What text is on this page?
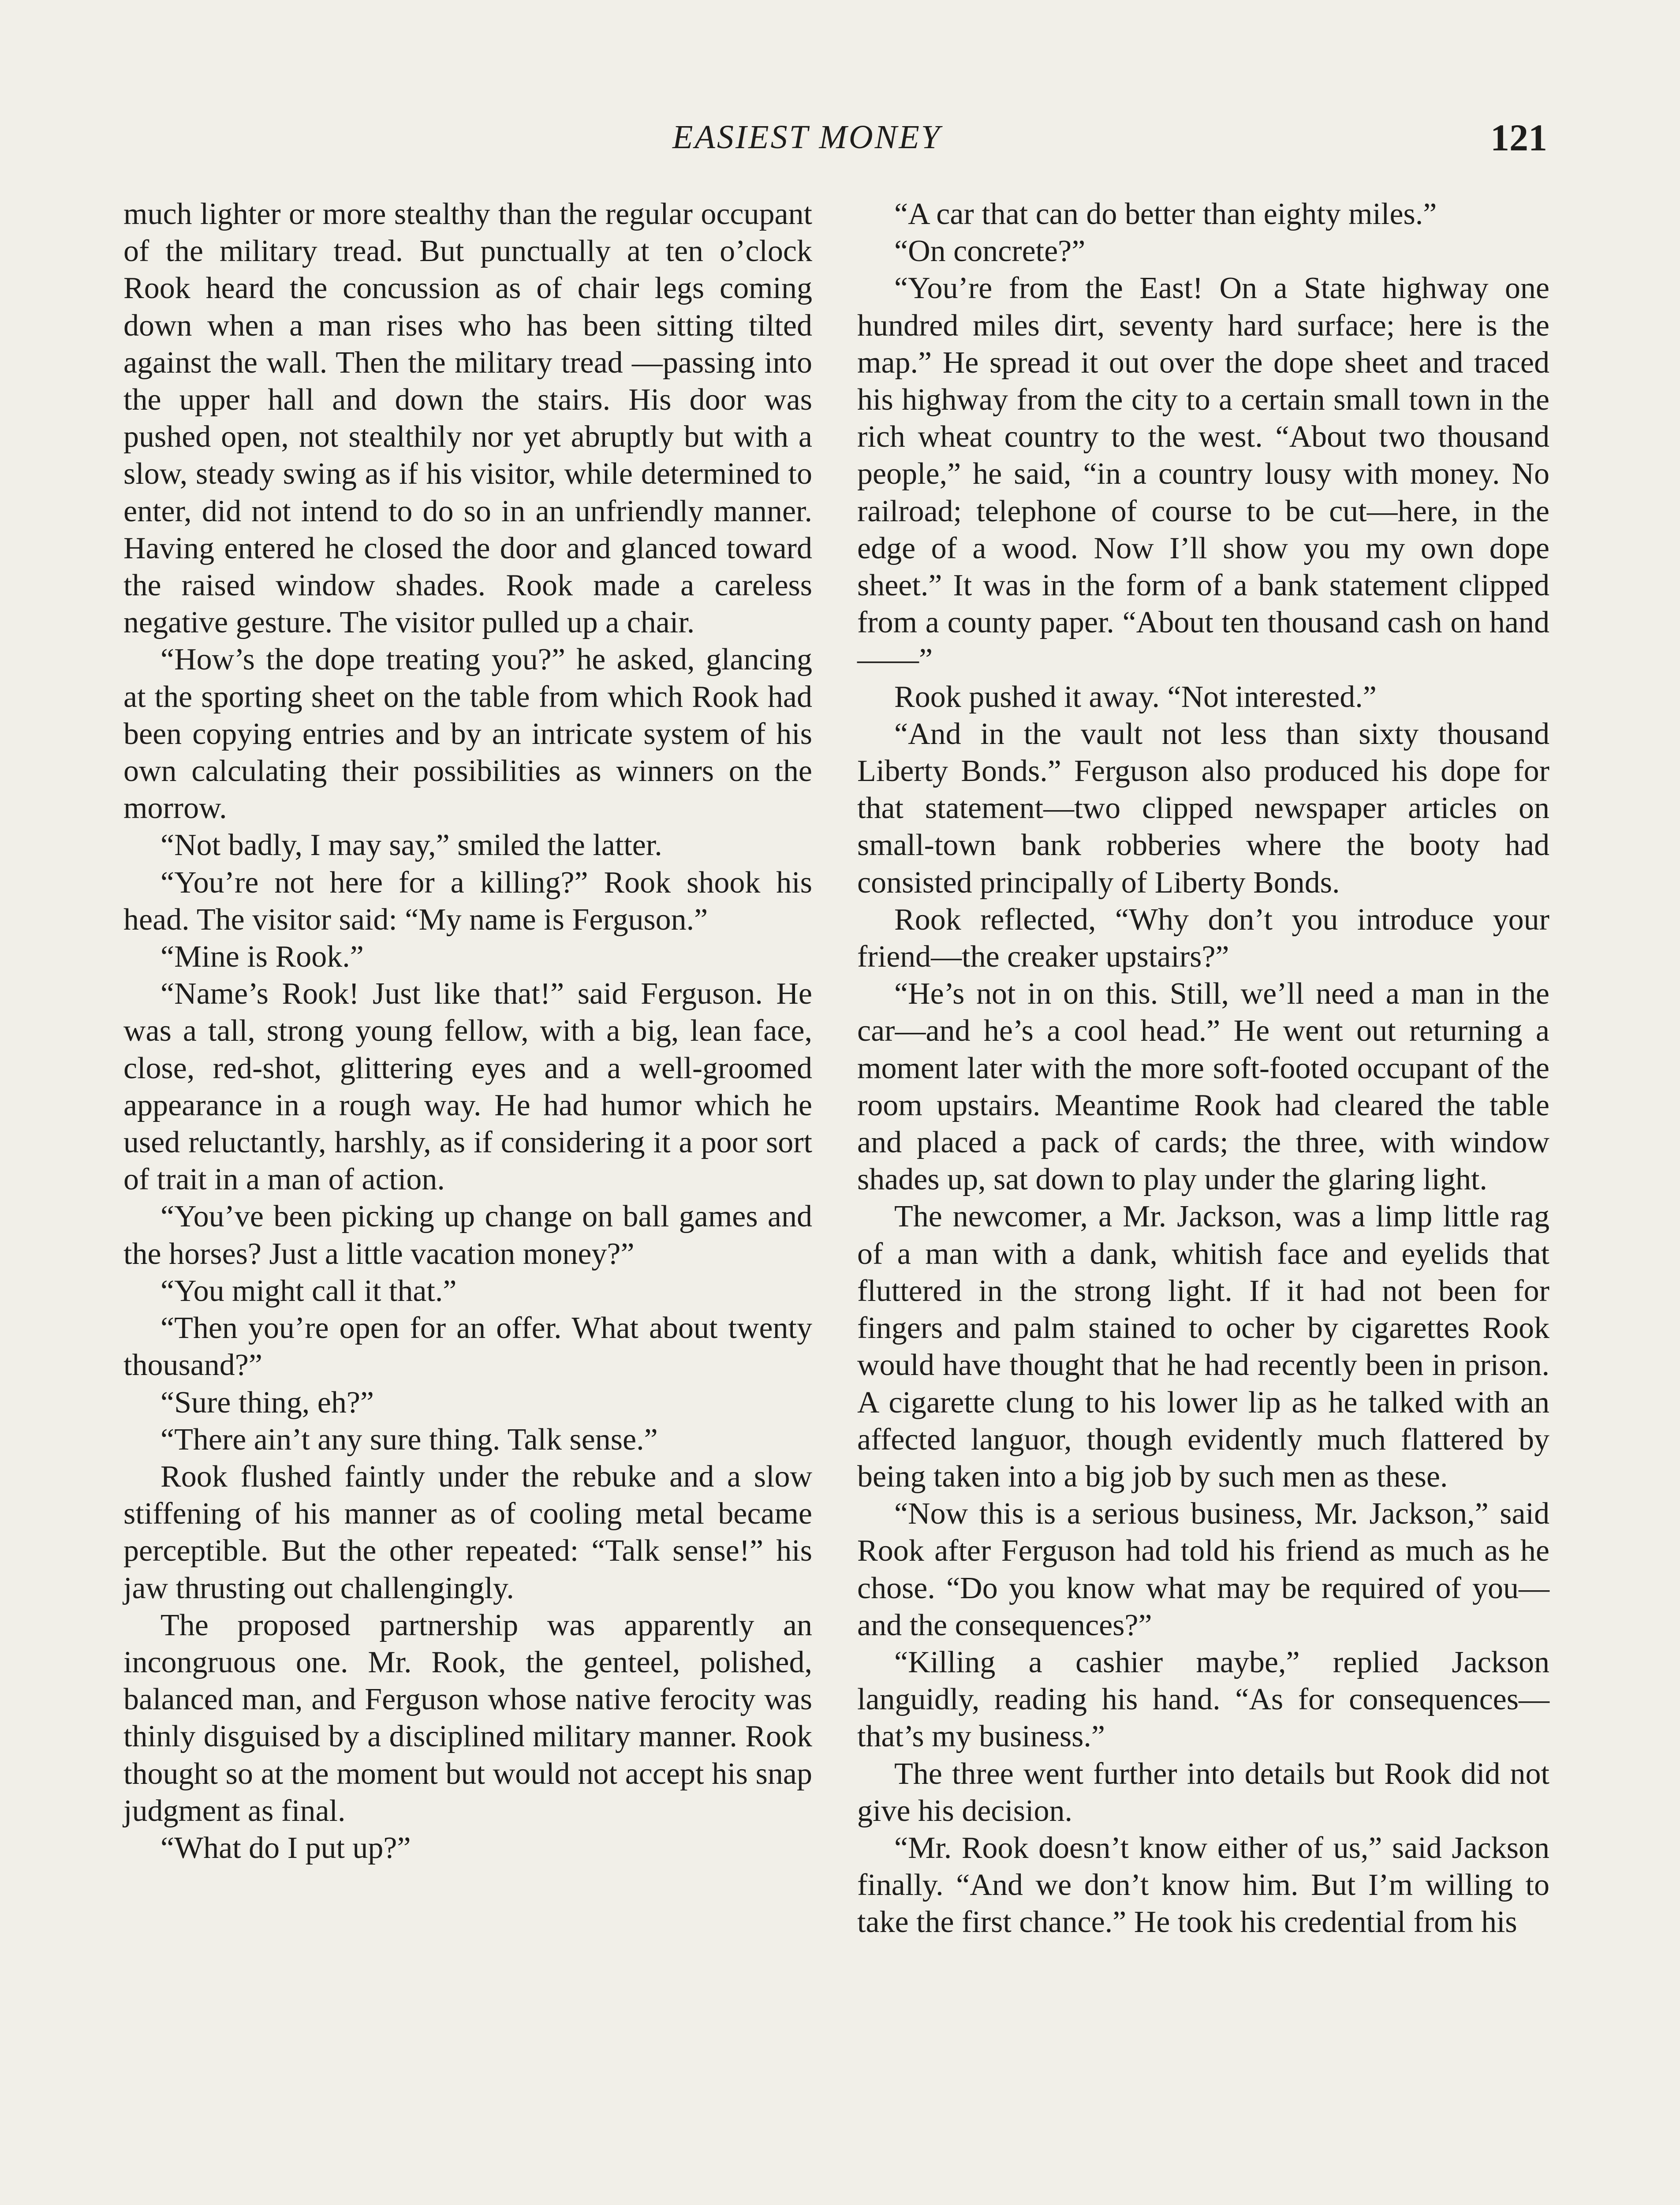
EASIEST MONEY	121

much lighter or more stealthy than the regular occupant of the military tread. But punctually at ten o’clock Rook heard the concussion as of chair legs coming down when a man rises who has been sitting tilted against the wall. Then the military tread —passing into the upper hall and down the stairs. His door was pushed open, not stealthily nor yet abruptly but with a slow, steady swing as if his visitor, while determined to enter, did not intend to do so in an unfriendly manner. Having entered he closed the door and glanced toward the raised window shades. Rook made a careless negative gesture. The visitor pulled up a chair.

“How’s the dope treating you?” he asked, glancing at the sporting sheet on the table from which Rook had been copying entries and by an intricate system of his own calculating their possibilities as winners on the morrow.

“Not badly, I may say,” smiled the latter.

“You’re not here for a killing?” Rook shook his head. The visitor said: “My name is Ferguson.”

“Mine is Rook.”

“Name’s Rook! Just like that!” said Ferguson. He was a tall, strong young fellow, with a big, lean face, close, red-shot, glittering eyes and a well-groomed appearance in a rough way. He had humor which he used reluctantly, harshly, as if considering it a poor sort of trait in a man of action.

“You’ve been picking up change on ball games and the horses? Just a little vacation money?”

“You might call it that.”

“Then you’re open for an offer. What about twenty thousand?”

“Sure thing, eh?”

“There ain’t any sure thing. Talk sense.”

Rook flushed faintly under the rebuke and a slow stiffening of his manner as of cooling metal became perceptible. But the other repeated: “Talk sense!” his jaw thrusting out challengingly.

The proposed partnership was apparently an incongruous one. Mr. Rook, the genteel, polished, balanced man, and Ferguson whose native ferocity was thinly disguised by a disciplined military manner. Rook thought so at the moment but would not accept his snap judgment as final.

“What do I put up?”

“A car that can do better than eighty miles.”

“On concrete?”

“You’re from the East! On a State highway one hundred miles dirt, seventy hard surface; here is the map.” He spread it out over the dope sheet and traced his highway from the city to a certain small town in the rich wheat country to the west. “About two thousand people,” he said, “in a country lousy with money. No railroad; telephone of course to be cut—here, in the edge of a wood. Now I’ll show you my own dope sheet.” It was in the form of a bank statement clipped from a county paper. “About ten thousand cash on hand——”

Rook pushed it away. “Not interested.”

“And in the vault not less than sixty thousand Liberty Bonds.” Ferguson also produced his dope for that statement—two clipped newspaper articles on small-town bank robberies where the booty had consisted principally of Liberty Bonds.

Rook reflected, “Why don’t you introduce your friend—the creaker upstairs?”

“He’s not in on this. Still, we’ll need a man in the car—and he’s a cool head.” He went out returning a moment later with the more soft-footed occupant of the room upstairs. Meantime Rook had cleared the table and placed a pack of cards; the three, with window shades up, sat down to play under the glaring light.

The newcomer, a Mr. Jackson, was a limp little rag of a man with a dank, whitish face and eyelids that fluttered in the strong light. If it had not been for fingers and palm stained to ocher by cigarettes Rook would have thought that he had recently been in prison. A cigarette clung to his lower lip as he talked with an affected languor, though evidently much flattered by being taken into a big job by such men as these.

“Now this is a serious business, Mr. Jackson,” said Rook after Ferguson had told his friend as much as he chose. “Do you know what may be required of you—and the consequences?”

“Killing a cashier maybe,” replied Jackson languidly, reading his hand. “As for consequences—that’s my business.”

The three went further into details but Rook did not give his decision.

“Mr. Rook doesn’t know either of us,” said Jackson finally. “And we don’t know him. But I’m willing to take the first chance.” He took his credential from his
